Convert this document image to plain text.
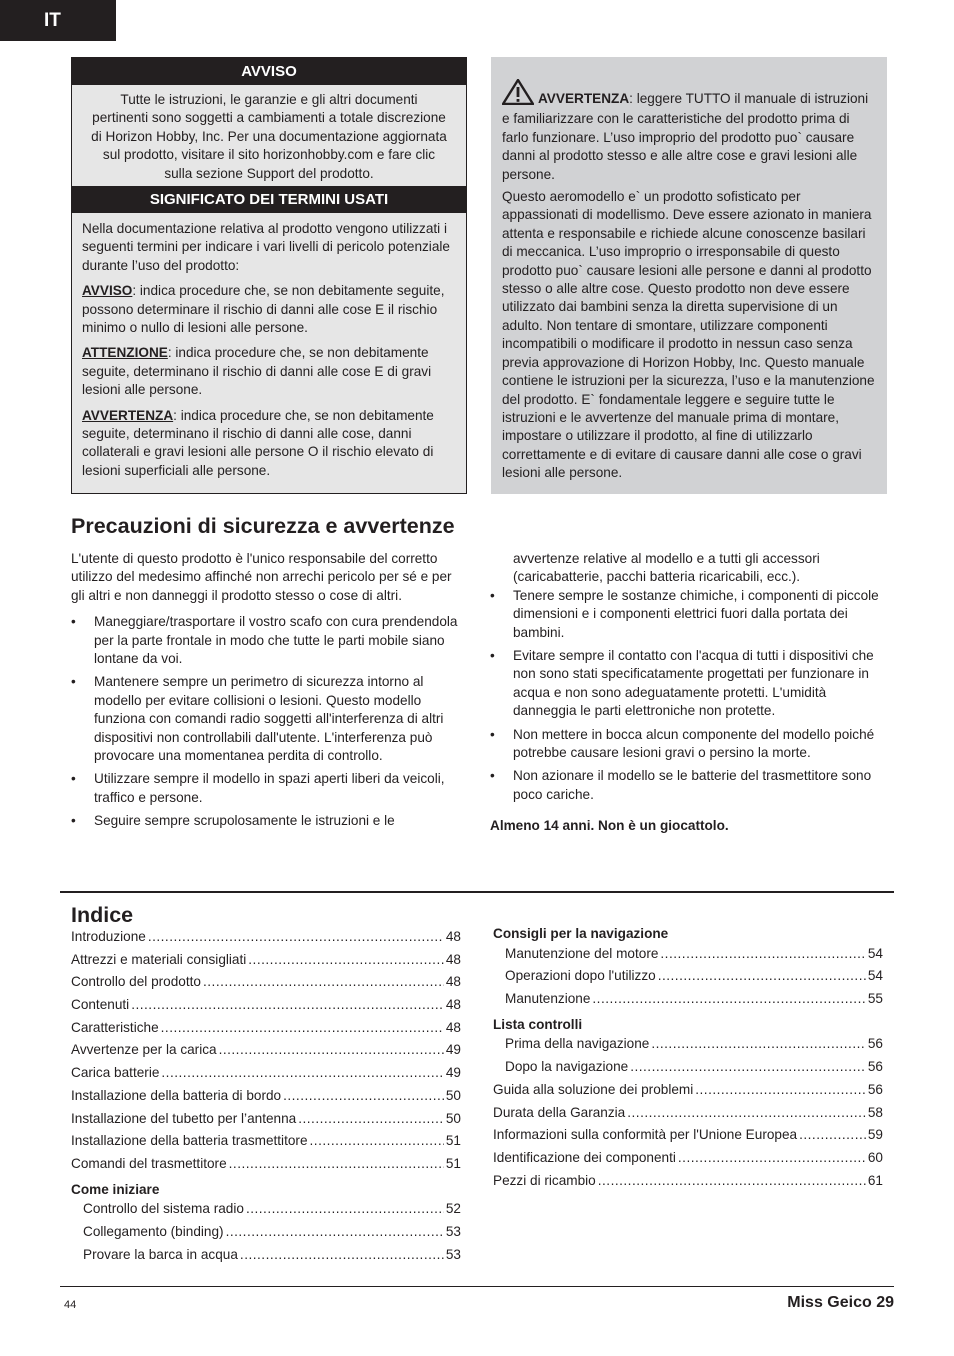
IT
AVVISO
Tutte le istruzioni, le garanzie e gli altri documenti
pertinenti sono soggetti a cambiamenti a totale discrezione
di Horizon Hobby, Inc. Per una documentazione aggiornata
sul prodotto, visitare il sito horizonhobby.com e fare clic
sulla sezione Support del prodotto.
SIGNIFICATO DEI TERMINI USATI

Nella documentazione relativa al prodotto vengono utilizzati i seguenti termini per indicare i vari livelli di pericolo potenziale durante l’uso del prodotto:

AVVISO: indica procedure che, se non debitamente seguite, possono determinare il rischio di danni alle cose E il rischio minimo o nullo di lesioni alle persone.

ATTENZIONE: indica procedure che, se non debitamente seguite, determinano il rischio di danni alle cose E di gravi lesioni alle persone.

AVVERTENZA: indica procedure che, se non debitamente seguite, determinano il rischio di danni alle cose, danni collaterali e gravi lesioni alle persone O il rischio elevato di lesioni superficiali alle persone.

AVVERTENZA: leggere TUTTO il manuale di istruzioni e familiarizzare con le caratteristiche del prodotto prima di farlo funzionare. L’uso improprio del prodotto puo` causare danni al prodotto stesso e alle altre cose e gravi lesioni alle persone.

Questo aeromodello e` un prodotto sofisticato per appassionati di modellismo. Deve essere azionato in maniera attenta e responsabile e richiede alcune conoscenze basilari di meccanica. L’uso improprio o irresponsabile di questo prodotto puo` causare lesioni alle persone e danni al prodotto stesso o alle altre cose. Questo prodotto non deve essere utilizzato dai bambini senza la diretta supervisione di un adulto. Non tentare di smontare, utilizzare componenti incompatibili o modificare il prodotto in nessun caso senza previa approvazione di Horizon Hobby, Inc. Questo manuale contiene le istruzioni per la sicurezza, l’uso e la manutenzione del prodotto. E` fondamentale leggere e seguire tutte le istruzioni e le avvertenze del manuale prima di montare, impostare o utilizzare il prodotto, al fine di utilizzarlo correttamente e di evitare di causare danni alle cose o gravi lesioni alle persone.

Precauzioni di sicurezza e avvertenze

L'utente di questo prodotto è l'unico responsabile del corretto utilizzo del medesimo affinché non arrechi pericolo per sé e per gli altri e non danneggi il prodotto stesso o cose di altri.

• Maneggiare/trasportare il vostro scafo con cura prendendola per la parte frontale in modo che tutte le parti mobile siano lontane da voi.
• Mantenere sempre un perimetro di sicurezza intorno al modello per evitare collisioni o lesioni. Questo modello funziona con comandi radio soggetti all'interferenza di altri dispositivi non controllabili dall'utente. L'interferenza può provocare una momentanea perdita di controllo.
• Utilizzare sempre il modello in spazi aperti liberi da veicoli, traffico e persone.
• Seguire sempre scrupolosamente le istruzioni e le

avvertenze relative al modello e a tutti gli accessori (caricabatterie, pacchi batteria ricaricabili, ecc.).

• Tenere sempre le sostanze chimiche, i componenti di piccole dimensioni e i componenti elettrici fuori dalla portata dei bambini.
• Evitare sempre il contatto con l'acqua di tutti i dispositivi che non sono stati specificatamente progettati per funzionare in acqua e non sono adeguatamente protetti. L'umidità danneggia le parti elettroniche non protette.
• Non mettere in bocca alcun componente del modello poiché potrebbe causare lesioni gravi o persino la morte.
• Non azionare il modello se le batterie del trasmettitore sono poco cariche.

Almeno 14 anni. Non è un giocattolo.

Indice
Introduzione .....	48
Attrezzi e materiali consigliati .....	48
Controllo del prodotto .....	48
Contenuti .....	48
Caratteristiche .....	48
Avvertenze per la carica .....	49
Carica batterie .....	49
Installazione della batteria di bordo .....	50
Installazione del tubetto per l’antenna .....	50
Installazione della batteria trasmettitore .....	51
Comandi del trasmettitore .....	51
Come iniziare
Controllo del sistema radio .....	52
Collegamento (binding) .....	53
Provare la barca in acqua .....	53
Consigli per la navigazione
Manutenzione del motore .....	54
Operazioni dopo l'utilizzo .....	54
Manutenzione .....	55
Lista controlli
Prima della navigazione .....	56
Dopo la navigazione .....	56
Guida alla soluzione dei problemi .....	56
Durata della Garanzia .....	58
Informazioni sulla conformità per l'Unione Europea .....	59
Identificazione dei componenti .....	60
Pezzi di ricambio .....	61
44	Miss Geico 29
